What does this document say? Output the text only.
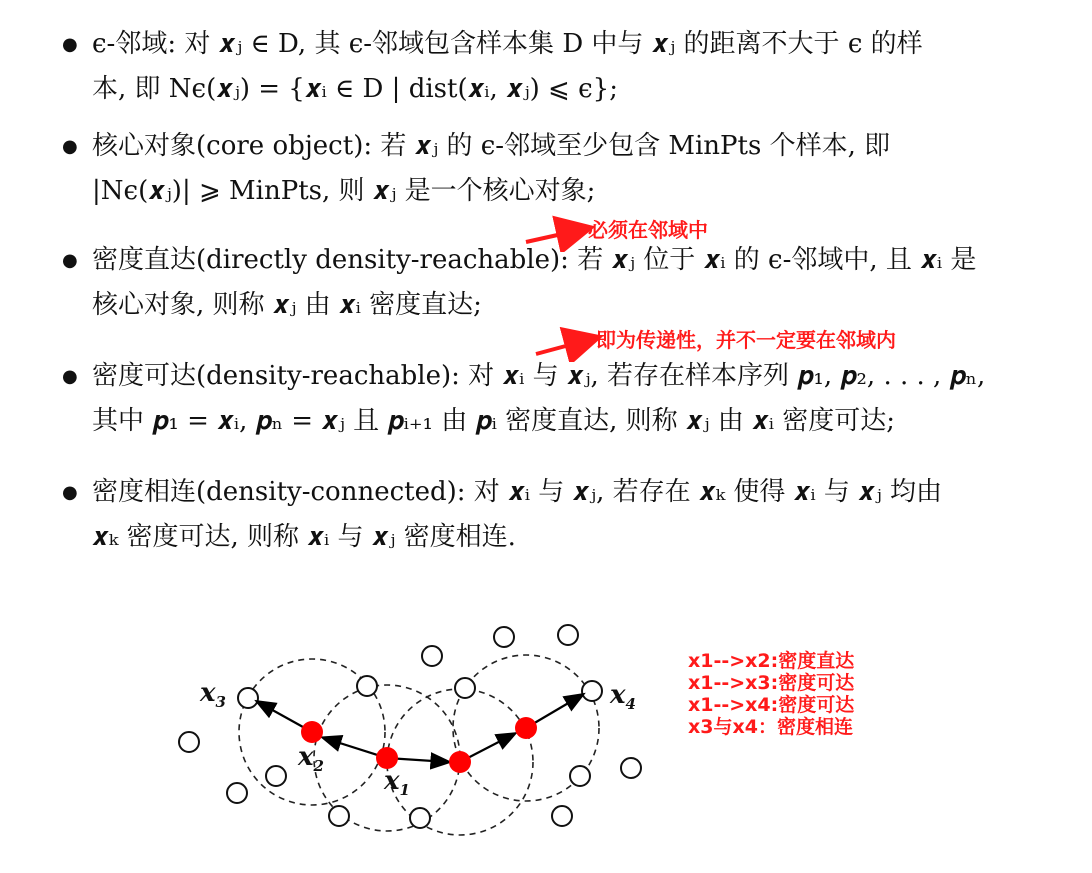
● ϵ-邻域: 对 𝒙ⱼ ∈ D, 其 ϵ-邻域包含样本集 D 中与 𝒙ⱼ 的距离不大于 ϵ 的样
本, 即 Nϵ(𝒙ⱼ) = {𝒙ᵢ ∈ D | dist(𝒙ᵢ, 𝒙ⱼ) ⩽ ϵ};
● 核心对象(core object): 若 𝒙ⱼ 的 ϵ-邻域至少包含 MinPts 个样本, 即
|Nϵ(𝒙ⱼ)| ⩾ MinPts, 则 𝒙ⱼ 是一个核心对象;
● 密度直达(directly density-reachable): 若 𝒙ⱼ 位于 𝒙ᵢ 的 ϵ-邻域中, 且 𝒙ᵢ 是
核心对象, 则称 𝒙ⱼ 由 𝒙ᵢ 密度直达;
● 密度可达(density-reachable): 对 𝒙ᵢ 与 𝒙ⱼ, 若存在样本序列 𝒑₁, 𝒑₂, . . . , 𝒑ₙ,
其中 𝒑₁ = 𝒙ᵢ, 𝒑ₙ = 𝒙ⱼ 且 𝒑ᵢ₊₁ 由 𝒑ᵢ 密度直达, 则称 𝒙ⱼ 由 𝒙ᵢ 密度可达;
● 密度相连(density-connected): 对 𝒙ᵢ 与 𝒙ⱼ, 若存在 𝒙ₖ 使得 𝒙ᵢ 与 𝒙ⱼ 均由
𝒙ₖ 密度可达, 则称 𝒙ᵢ 与 𝒙ⱼ 密度相连.
必须在邻域中
即为传递性，并不一定要在邻域内
$x_3$
$x_2$ $x_1$
$x_4$
x1-->x2:密度直达
x1-->x3:密度可达
x1-->x4:密度可达
x3与x4：密度相连
